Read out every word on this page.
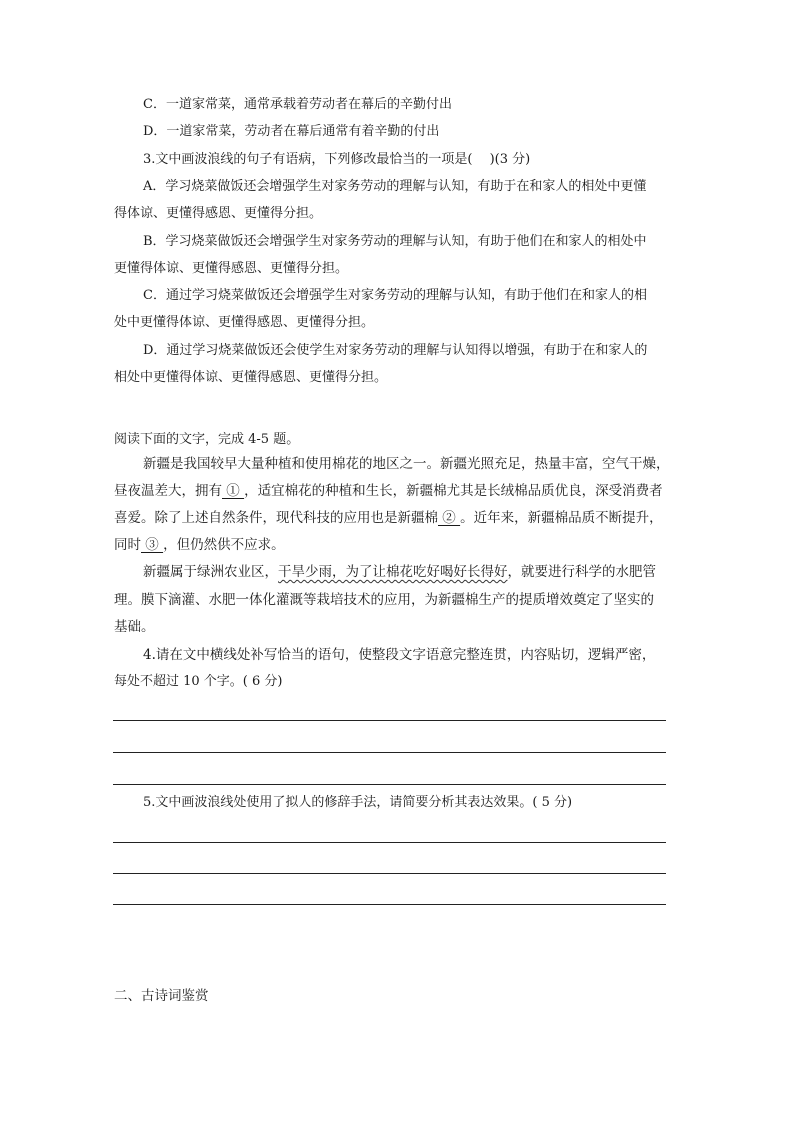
C．一道家常菜，通常承载着劳动者在幕后的辛勤付出
D．一道家常菜，劳动者在幕后通常有着辛勤的付出
3.文中画波浪线的句子有语病，下列修改最恰当的一项是(　 )(3 分)
A．学习烧菜做饭还会增强学生对家务劳动的理解与认知，有助于在和家人的相处中更懂
得体谅、更懂得感恩、更懂得分担。
B．学习烧菜做饭还会增强学生对家务劳动的理解与认知，有助于他们在和家人的相处中
更懂得体谅、更懂得感恩、更懂得分担。
C．通过学习烧菜做饭还会增强学生对家务劳动的理解与认知，有助于他们在和家人的相
处中更懂得体谅、更懂得感恩、更懂得分担。
D．通过学习烧菜做饭还会使学生对家务劳动的理解与认知得以增强，有助于在和家人的
相处中更懂得体谅、更懂得感恩、更懂得分担。
阅读下面的文字，完成 4-5 题。
新疆是我国较早大量种植和使用棉花的地区之一。新疆光照充足，热量丰富，空气干燥，
昼夜温差大，拥有 ① ，适宜棉花的种植和生长，新疆棉尤其是长绒棉品质优良，深受消费者
喜爱。除了上述自然条件，现代科技的应用也是新疆棉 ② 。近年来，新疆棉品质不断提升，
同时 ③ ，但仍然供不应求。
新疆属于绿洲农业区，干旱少雨，为了让棉花吃好喝好长得好，就要进行科学的水肥管
理。膜下滴灌、水肥一体化灌溉等栽培技术的应用，为新疆棉生产的提质增效奠定了坚实的
基础。
4.请在文中横线处补写恰当的语句，使整段文字语意完整连贯，内容贴切，逻辑严密，
每处不超过 10 个字。( 6 分)
5.文中画波浪线处使用了拟人的修辞手法，请简要分析其表达效果。( 5 分)
二、古诗词鉴赏
